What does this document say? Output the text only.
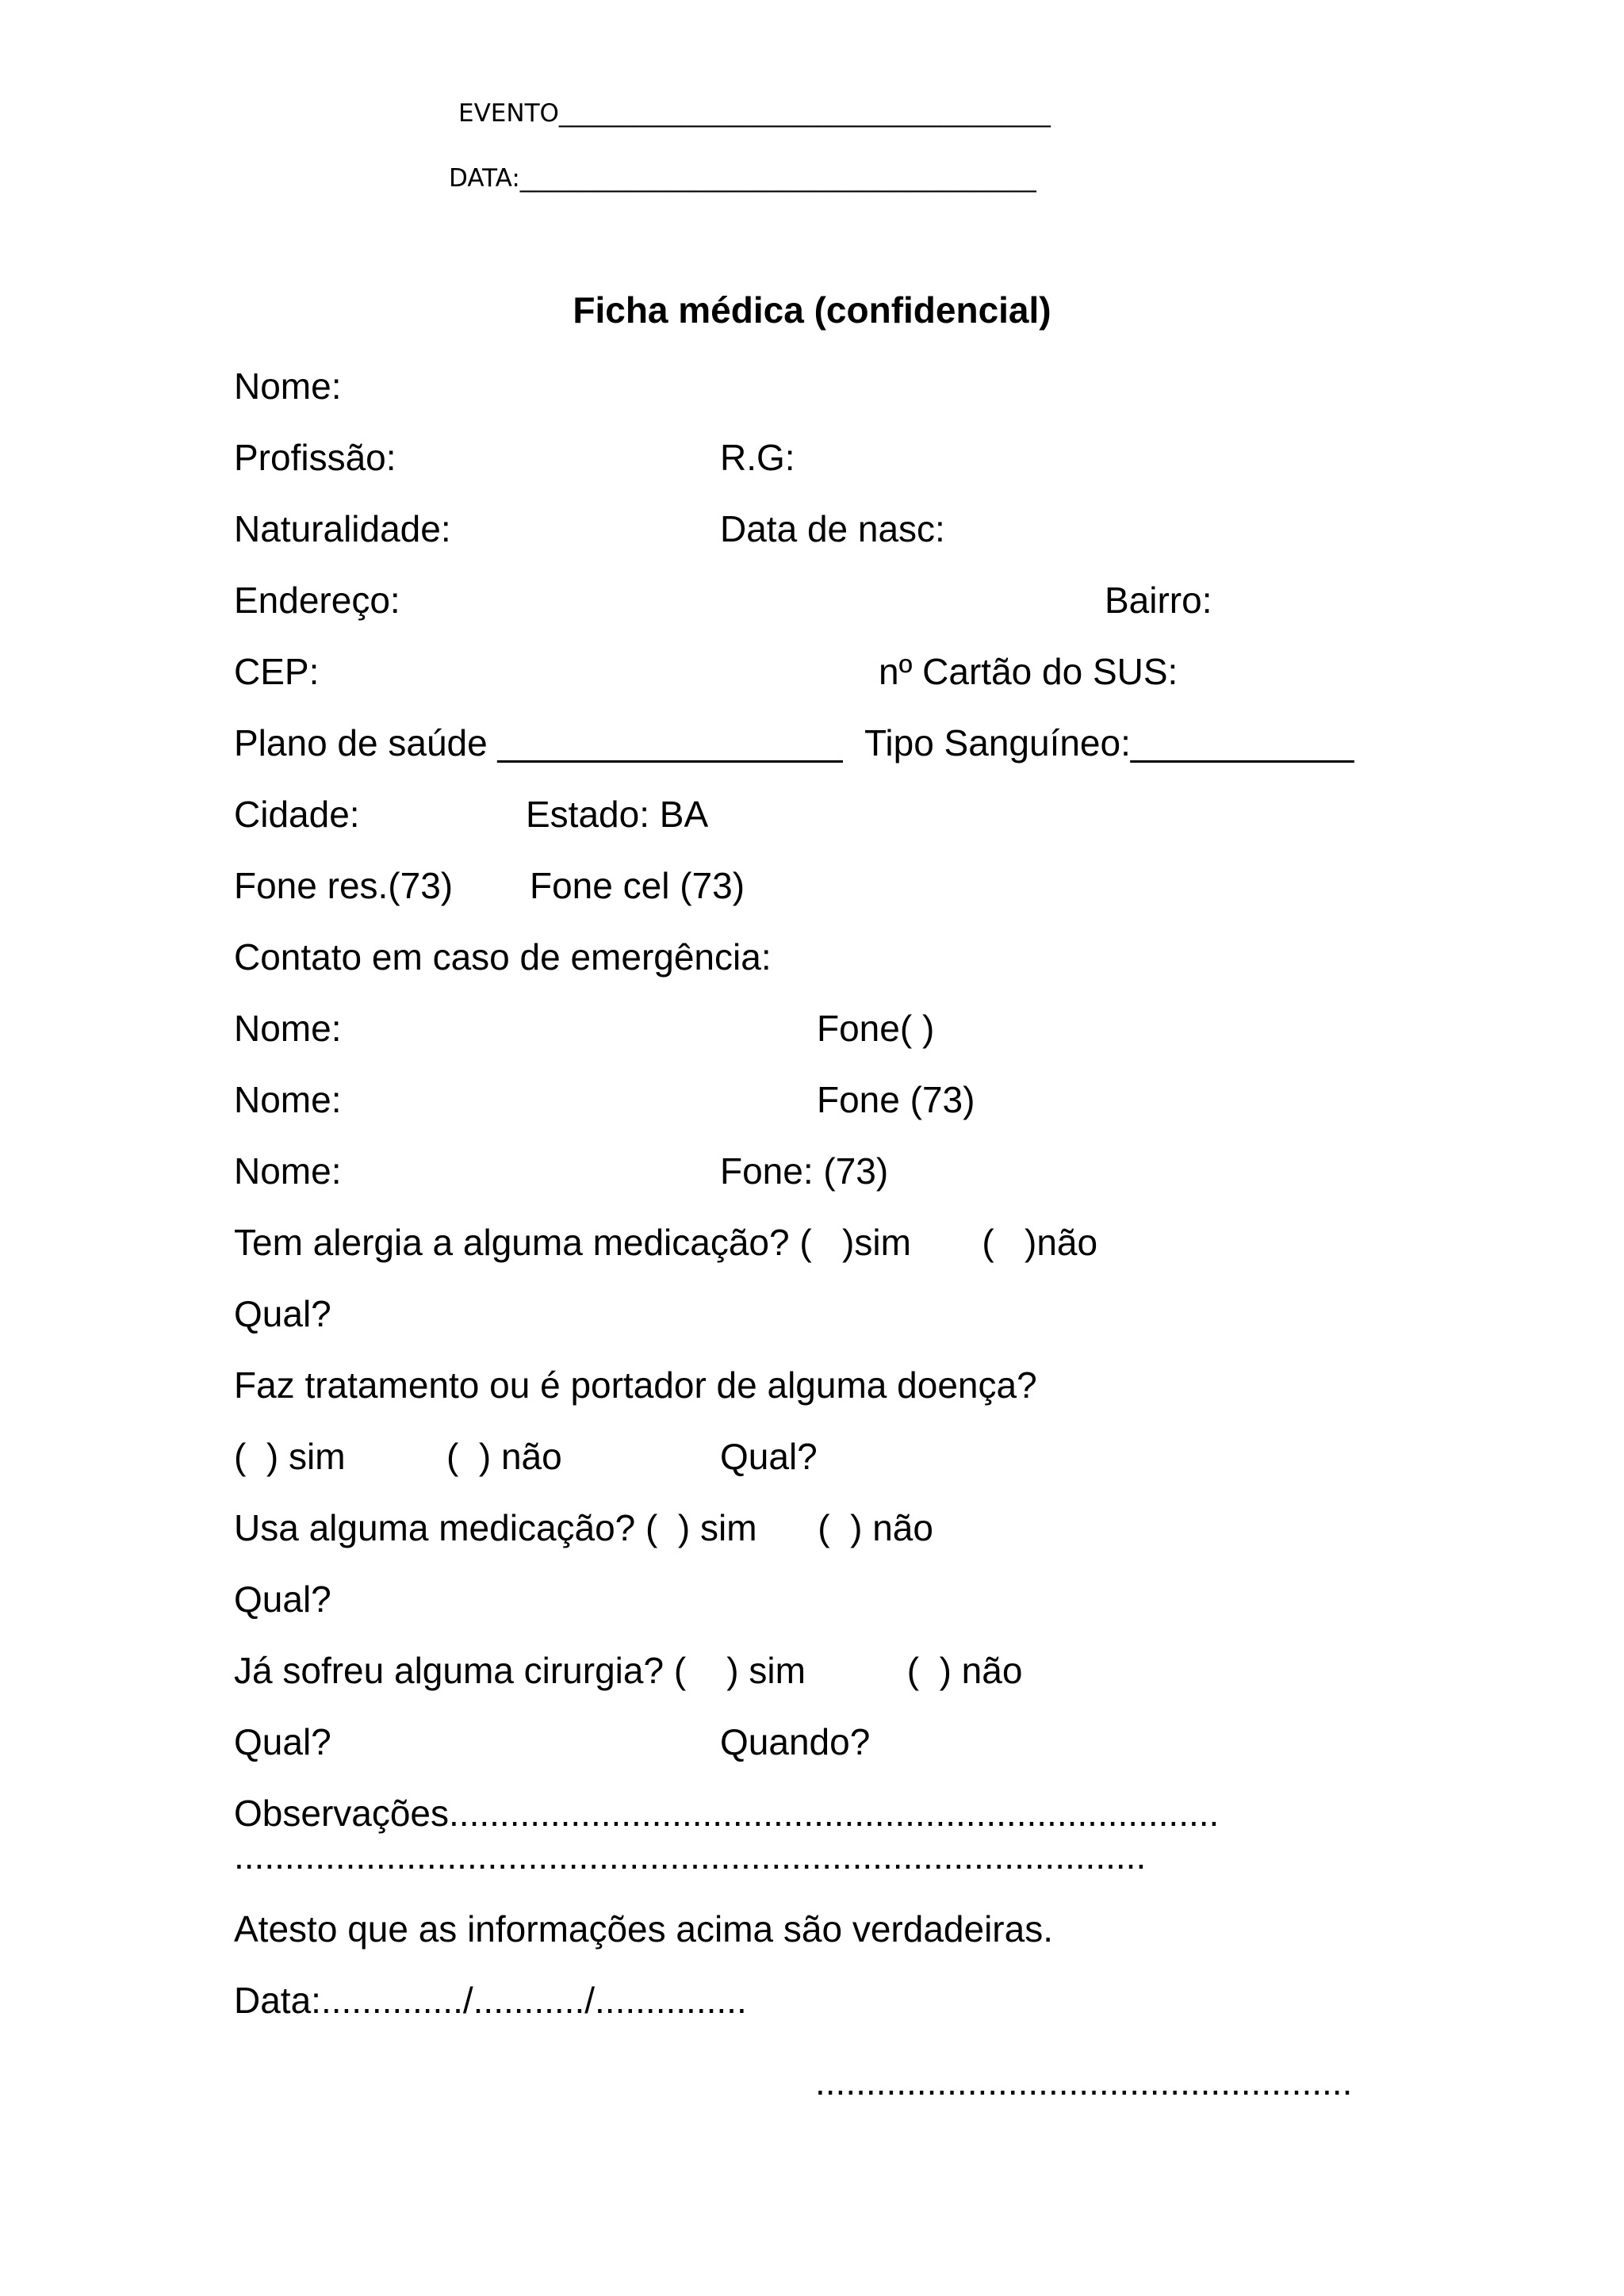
EVENTO________________________________________
DATA:__________________________________________
Ficha médica (confidencial)
Nome:
Profissão:	R.G:
Naturalidade:	Data de nasc:
Endereço:	Bairro:
CEP:	nº Cartão do SUS:
Plano de saúde _________________ Tipo Sanguíneo:___________
Cidade:	Estado: BA
Fone res.(73) Fone cel (73)
Contato em caso de emergência:
Nome:	Fone( )
Nome:	Fone (73)
Nome:	Fone: (73)
Tem alergia a alguma medicação? (   )sim       (   )não
Qual?
Faz tratamento ou é portador de alguma doença?
(  ) sim	(  ) não	Qual?
Usa alguma medicação? (  ) sim      (  ) não
Qual?
Já sofreu alguma cirurgia? (    ) sim          (  ) não
Qual?	Quando?
Observações............................................................................
..........................................................................................
Atesto que as informações acima são verdadeiras.
Data:............../.........../...............
.....................................................
